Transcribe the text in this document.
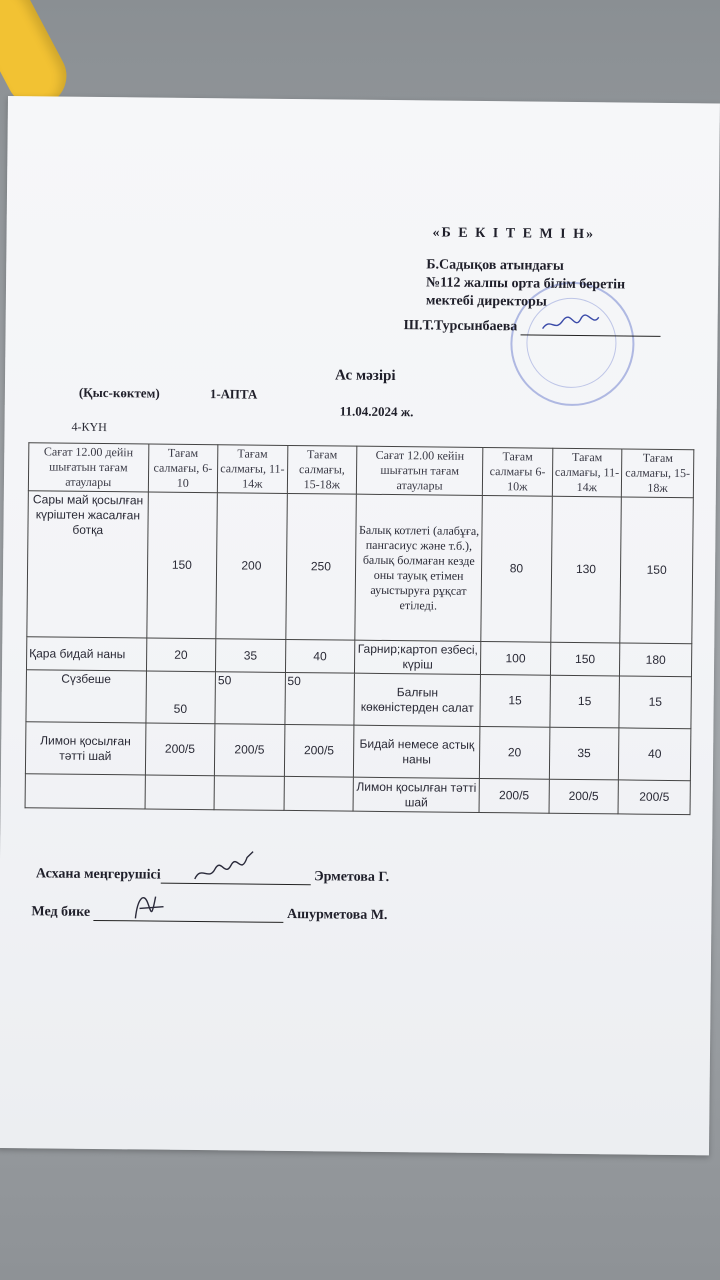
«Б Е К І Т Е М І Н»
Б.Садықов атындағы
№112 жалпы орта білім беретін
мектебі директоры
Ш.Т.Турсынбаева
Ас мәзірі
(Қыс-көктем)	1-АПТА
11.04.2024 ж.
4-КҮН
Сағат 12.00 дейін шығатын тағам атаулары	Тағам салмағы, 6-10	Тағам салмағы, 11-14ж	Тағам салмағы, 15-18ж	Сағат 12.00 кейін шығатын тағам атаулары	Тағам салмағы 6-10ж	Тағам салмағы, 11-14ж	Тағам салмағы, 15-18ж
Сары май қосылған күріштен жасалған ботқа	150	200	250	Балық котлеті (алабұға, пангасиус және т.б.), балық болмаған кезде оны тауық етімен ауыстыруға рұқсат етіледі.	80	130	150
Қара бидай наны	20	35	40	Гарнир;картоп езбесі, күріш	100	150	180
Сүзбеше	50	50	50	Балғын көкөністерден салат	15	15	15
Лимон қосылған тәтті шай	200/5	200/5	200/5	Бидай немесе астық наны	20	35	40
				Лимон қосылған тәтті шай	200/5	200/5	200/5
Асхана меңгерушісі	Эрметова Г.
Мед бике	Ашурметова М.
